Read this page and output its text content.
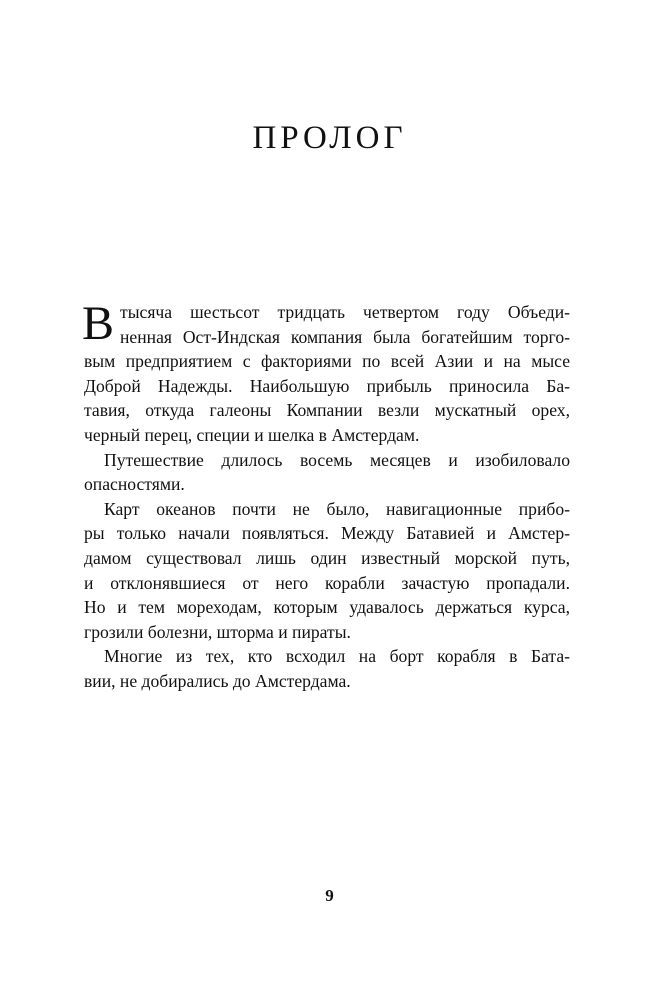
ПРОЛОГ

В тысяча шестьсот тридцать четвертом году Объеди-
ненная Ост-Индская компания была богатейшим торго-
вым предприятием с факториями по всей Азии и на мысе
Доброй Надежды. Наибольшую прибыль приносила Ба-
тавия, откуда галеоны Компании везли мускатный орех,
черный перец, специи и шелка в Амстердам.

Путешествие длилось восемь месяцев и изобиловало
опасностями.

Карт океанов почти не было, навигационные прибо-
ры только начали появляться. Между Батавией и Амстер-
дамом существовал лишь один известный морской путь,
и отклонявшиеся от него корабли зачастую пропадали.
Но и тем мореходам, которым удавалось держаться курса,
грозили болезни, шторма и пираты.

Многие из тех, кто всходил на борт корабля в Бата-
вии, не добирались до Амстердама.

9
